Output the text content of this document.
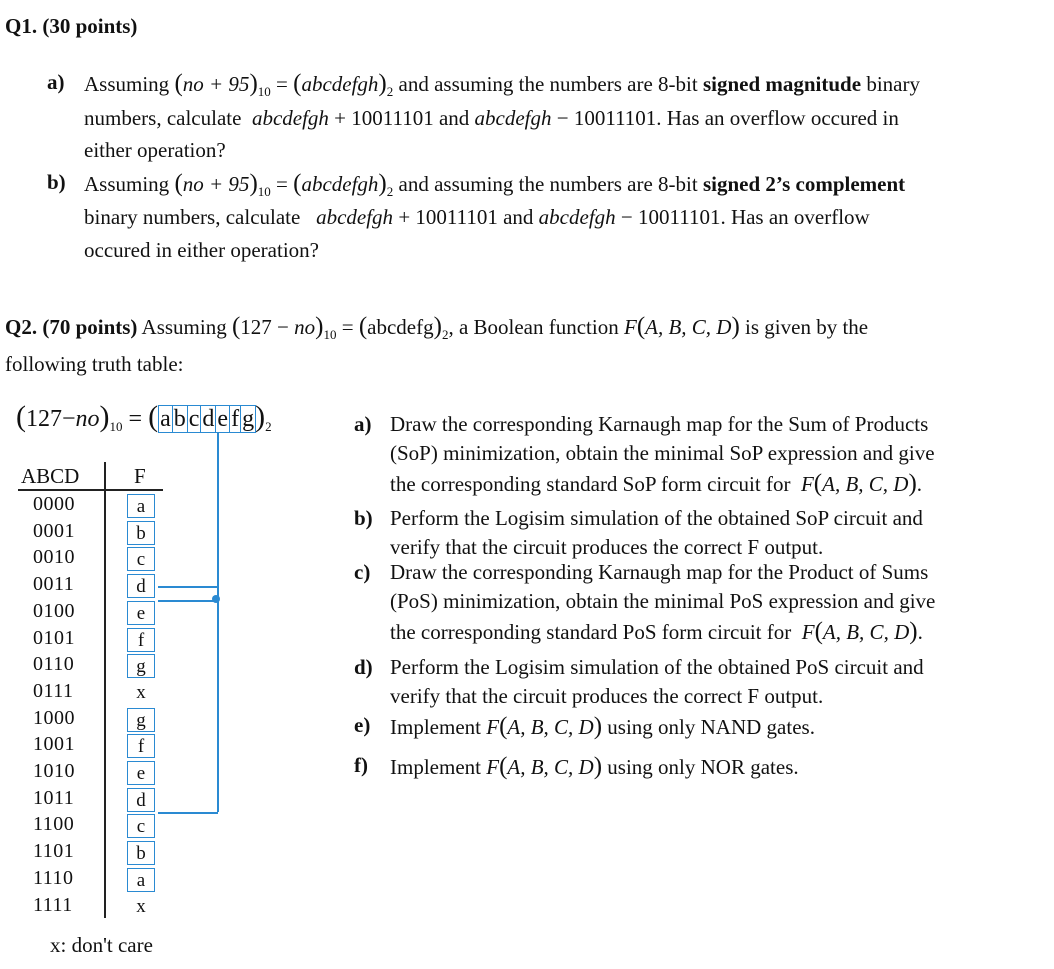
Q1. (30 points)
a) Assuming $(no + 95)_{10}$ = $(abcdefgh)_2$ and assuming the numbers are 8-bit signed magnitude binary
numbers, calculate abcdefgh + 10011101 and abcdefgh − 10011101. Has an overflow occured in
either operation?
b) Assuming $(no + 95)_{10}$ = $(abcdefgh)_2$ and assuming the numbers are 8-bit signed 2’s complement
binary numbers, calculate abcdefgh + 10011101 and abcdefgh − 10011101. Has an overflow
occured in either operation?
Q2. (70 points) Assuming $(127 - no)_{10}$ = $(abcdefg)_2$, a Boolean function F(A, B, C, D) is given by the
following truth table:
$(127-no)_{10} = (a$ b c d e f $g)_2$
ABCD	F
0000	a
0001	b
0010	c
0011	d
0100	e
0101	f
0110	g
0111	x
1000	g
1001	f
1010	e
1011	d
1100	c
1101	b
1110	a
1111	x
x: don't care
a) Draw the corresponding Karnaugh map for the Sum of Products
(SoP) minimization, obtain the minimal SoP expression and give
the corresponding standard SoP form circuit for F(A, B, C, D).
b) Perform the Logisim simulation of the obtained SoP circuit and
verify that the circuit produces the correct F output.
c) Draw the corresponding Karnaugh map for the Product of Sums
(PoS) minimization, obtain the minimal PoS expression and give
the corresponding standard PoS form circuit for F(A, B, C, D).
d) Perform the Logisim simulation of the obtained PoS circuit and
verify that the circuit produces the correct F output.
e) Implement F(A, B, C, D) using only NAND gates.
f) Implement F(A, B, C, D) using only NOR gates.
